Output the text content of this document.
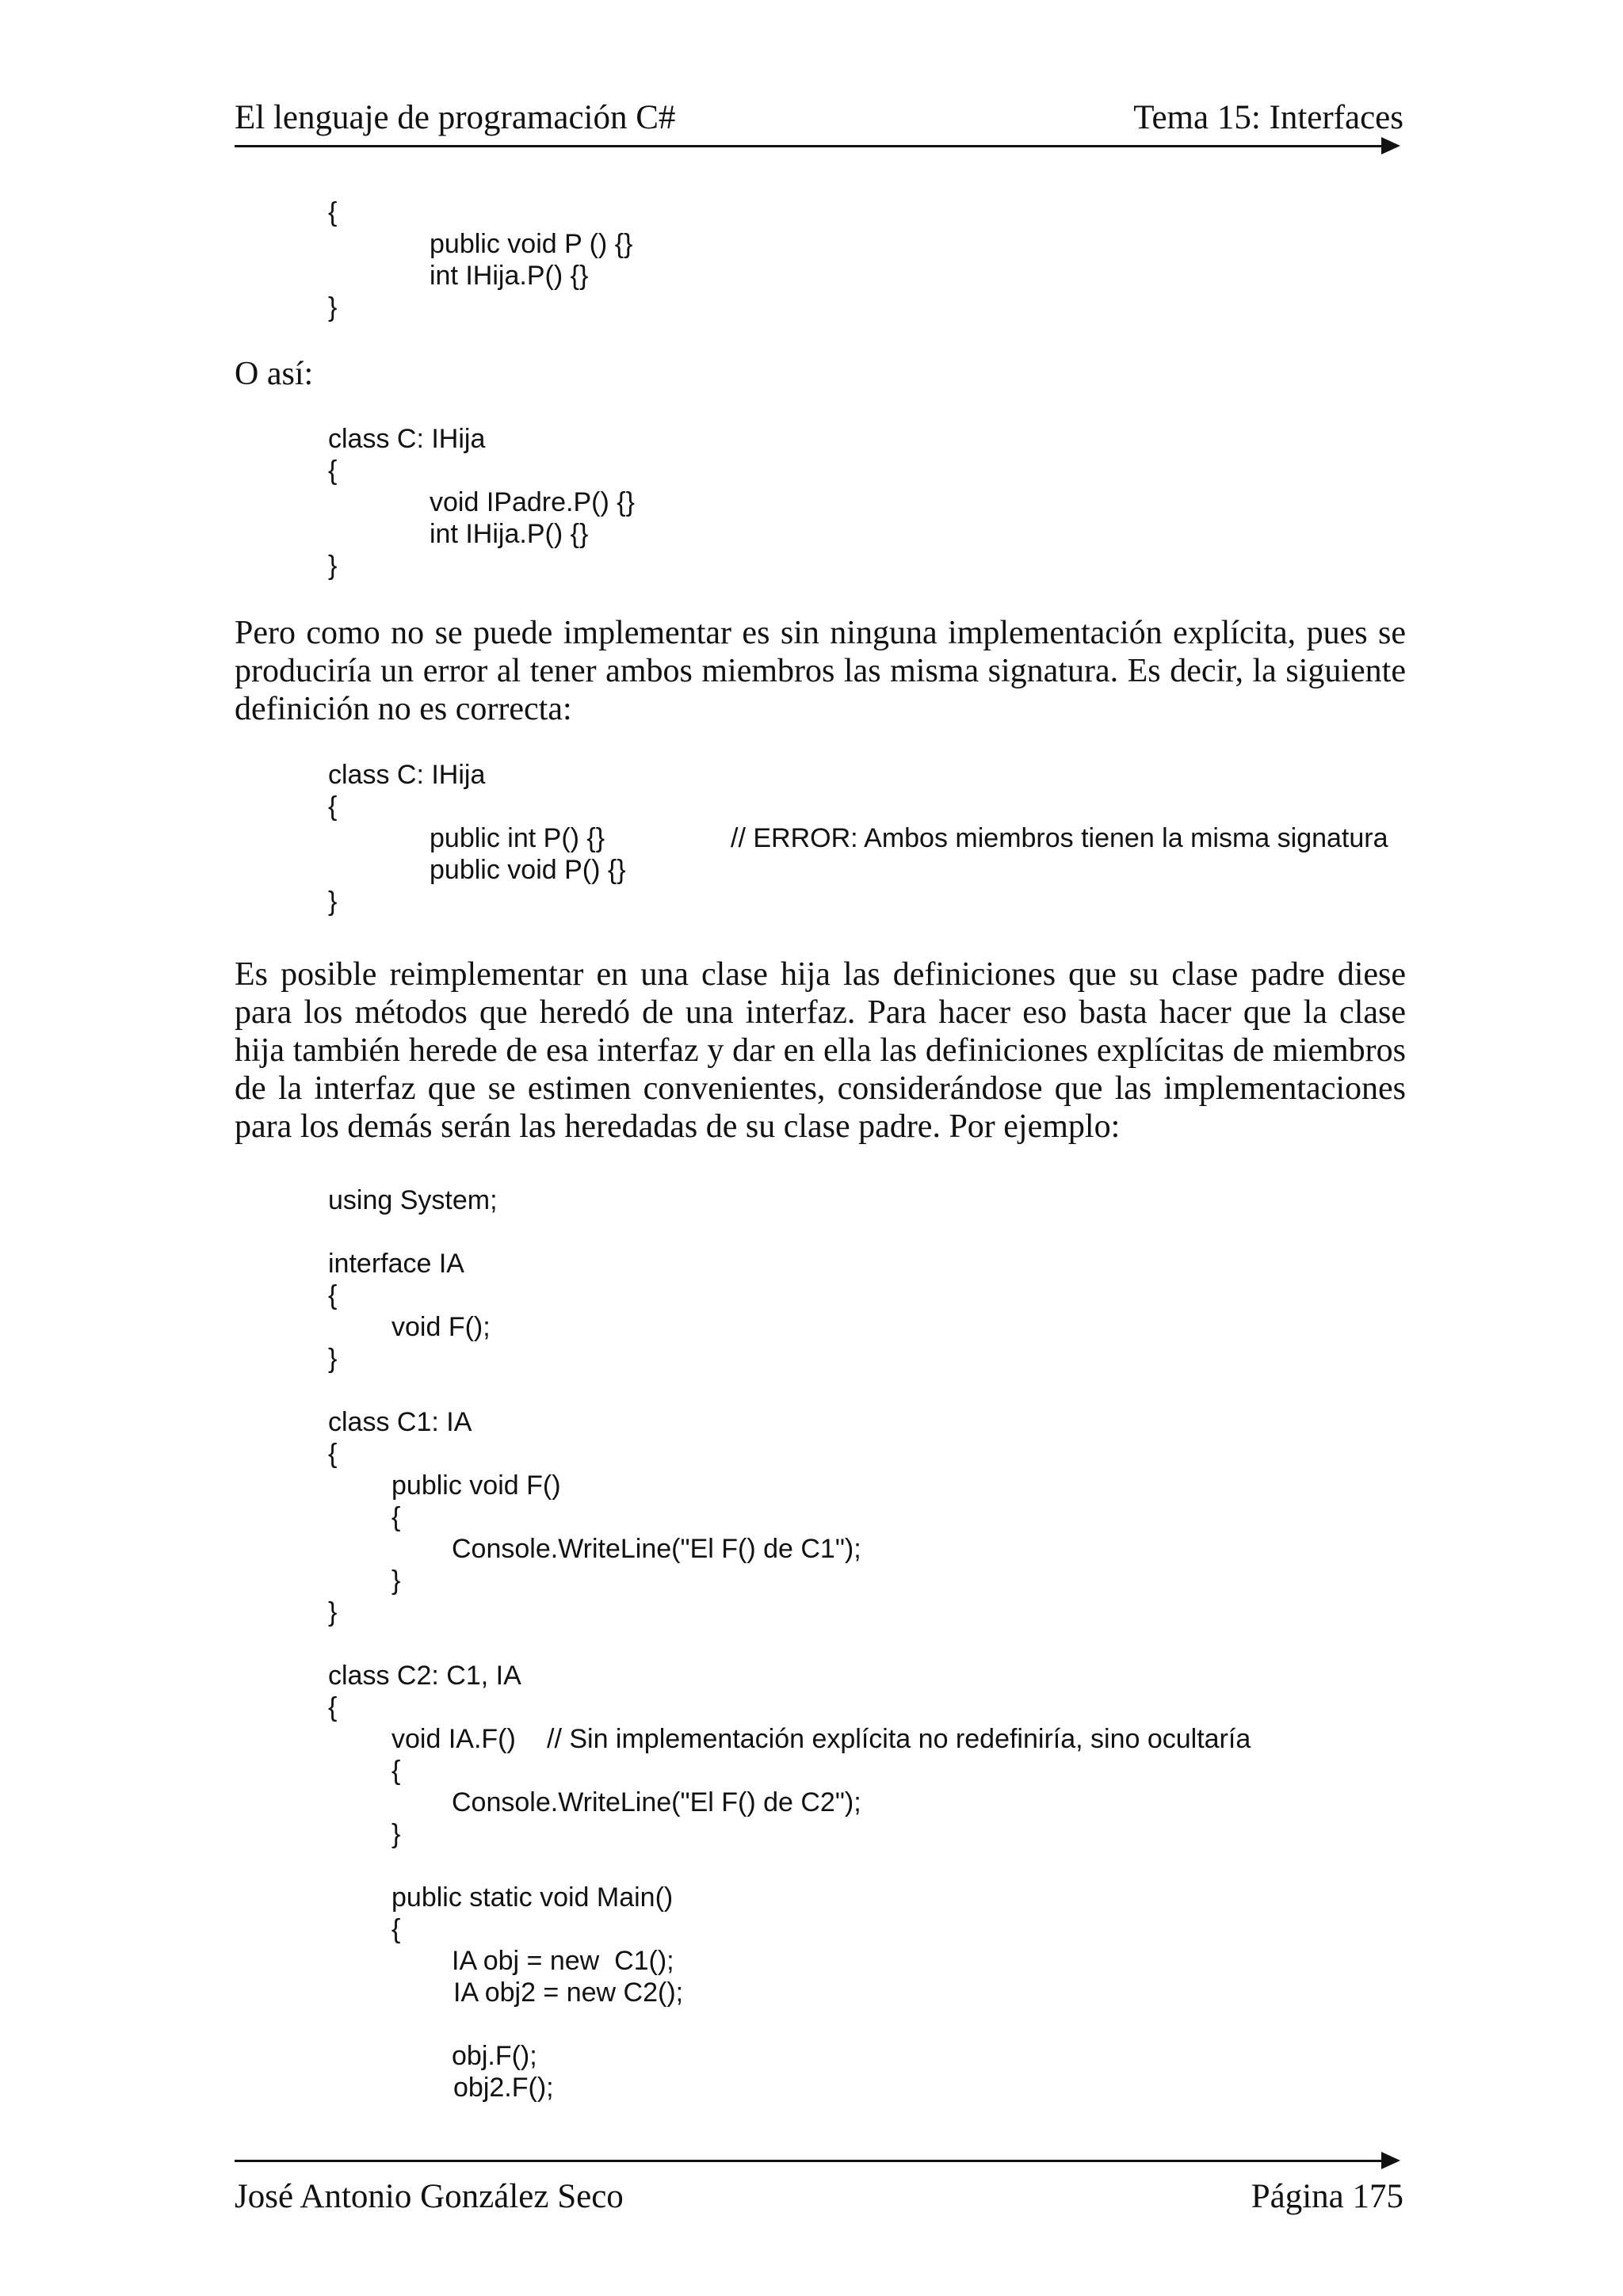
El lenguaje de programación C#	Tema 15: Interfaces

{

public void P () {}

int IHija.P() {}

}

O así:

class C: IHija

{

void IPadre.P() {}

int IHija.P() {}

}

Pero como no se puede implementar es sin ninguna implementación explícita, pues se produciría un error al tener ambos miembros las misma signatura. Es decir, la siguiente definición no es correcta:

class C: IHija

{

public int P() {}

	// ERROR: Ambos miembros tienen la misma signatura

public void P() {}

}

Es posible reimplementar en una clase hija las definiciones que su clase padre diese para los métodos que heredó de una interfaz. Para hacer eso basta hacer que la clase hija también herede de esa interfaz y dar en ella las definiciones explícitas de miembros de la interfaz que se estimen convenientes, considerándose que las implementaciones para los demás serán las heredadas de su clase padre. Por ejemplo:

using System;

interface IA

{

void F();

}

class C1: IA

{

public void F()

{

Console.WriteLine("El F() de C1");

}

}

class C2: C1, IA

{

void IA.F()

// Sin implementación explícita no redefiniría, sino ocultaría

{

Console.WriteLine("El F() de C2");

}

public static void Main()

{

IA obj = new  C1();

IA obj2 = new C2();

obj.F();

obj2.F();

José Antonio González Seco	Página 175
